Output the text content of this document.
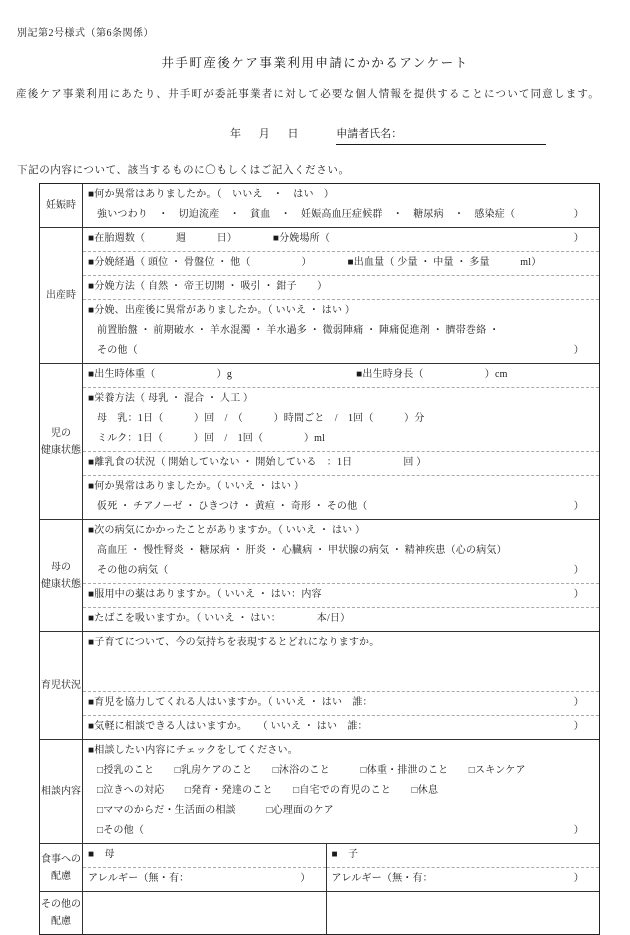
別記第2号様式（第6条関係）
井手町産後ケア事業利用申請にかかるアンケート
産後ケア事業利用にあたり、井手町が委託事業者に対して必要な個人情報を提供することについて同意します。
年 月 日	申請者氏名：
下記の内容について、該当するものに〇もしくはご記入ください。
妊娠時
■何か異常はありましたか。（　いいえ　・　はい　）
強いつわり　・　切迫流産　・　貧血　・　妊娠高血圧症候群　・　糖尿病　・　感染症（	）
出産時
■在胎週数（　　　週　　　日）　　　　■分娩場所（	）
■分娩経過（ 頭位 ・ 骨盤位 ・ 他（　　　　　）　　　　■出血量（ 少量 ・ 中量 ・ 多量　　　ml）
■分娩方法（ 自然 ・ 帝王切開 ・ 吸引 ・ 鉗子　　）
■分娩、出産後に異常がありましたか。（ いいえ ・ はい ）
前置胎盤 ・ 前期破水 ・ 羊水混濁 ・ 羊水過多 ・ 微弱陣痛 ・ 陣痛促進剤 ・ 臍帯巻絡 ・
その他（	）
児の
健康状態
■出生時体重（　　　　　　）g	■出生時身長（　　　　　　）cm
■栄養方法（ 母乳 ・ 混合 ・ 人工 ）
母　乳：1日（　　　）回　/　（　　　）時間ごと　/　1回（　　　）分
ミルク：1日（　　　）回　/　1回（　　　　）ml
■離乳食の状況（ 開始していない ・ 開始している　：1日　　　　　回 ）
■何か異常はありましたか。（ いいえ ・ はい ）
仮死 ・ チアノーゼ ・ ひきつけ ・ 黄疸 ・ 奇形 ・ その他（	）
母の
健康状態
■次の病気にかかったことがありますか。（ いいえ ・ はい ）
高血圧 ・ 慢性腎炎 ・ 糖尿病 ・ 肝炎 ・ 心臓病 ・ 甲状腺の病気 ・ 精神疾患（心の病気）
その他の病気（	）
■服用中の薬はありますか。（ いいえ ・ はい：内容	）
■たばこを吸いますか。（ いいえ ・ はい：　　　　本/日）
育児状況
■子育てについて、今の気持ちを表現するとどれになりますか。
■育児を協力してくれる人はいますか。（ いいえ ・ はい　誰：	）
■気軽に相談できる人はいますか。　　（ いいえ ・ はい　誰：	）
相談内容
■相談したい内容にチェックをしてください。
□授乳のこと　　□乳房ケアのこと　　□沐浴のこと　　　□体重・排泄のこと　　□スキンケア
□泣きへの対応　　□発育・発達のこと　　□自宅での育児のこと　　□休息
□ママのからだ・生活面の相談　　　□心理面のケア
□その他（	）
食事への
配慮
■　母
アレルギー（無・有：	）
■　子
アレルギー（無・有：	）
その他の
配慮
